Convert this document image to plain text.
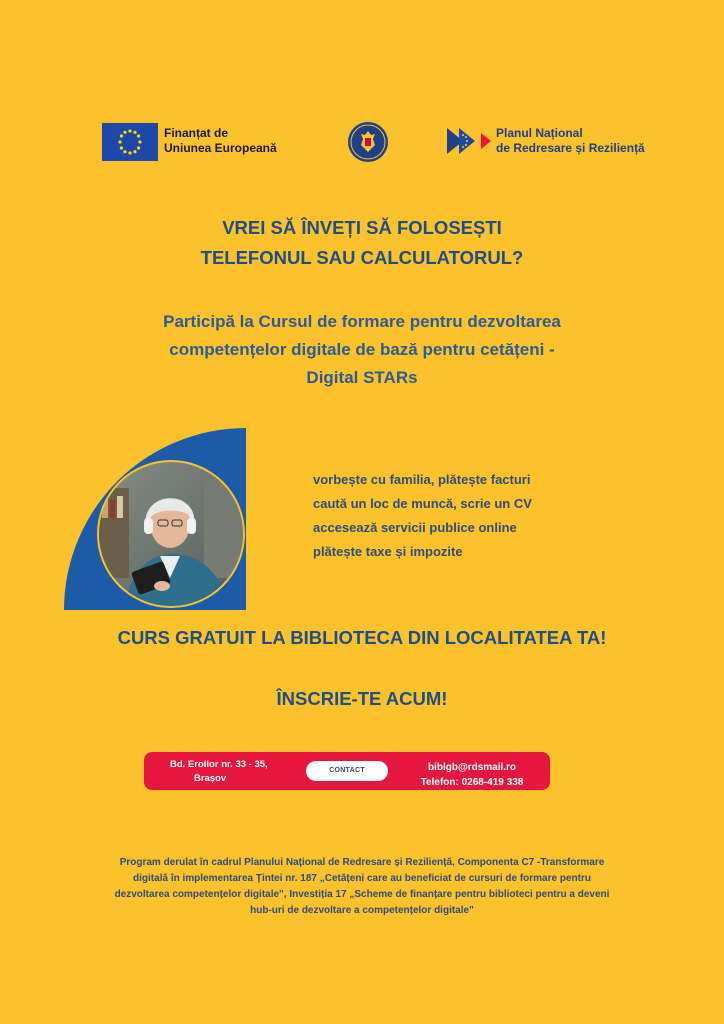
Finanțat de
Uniunea Europeană
Planul Național
de Redresare și Reziliență
VREI SĂ ÎNVEȚI SĂ FOLOSEȘTI
TELEFONUL SAU CALCULATORUL?
Participă la Cursul de formare pentru dezvoltarea
competențelor digitale de bază pentru cetățeni -
Digital STARs
vorbește cu familia, plătește facturi
caută un loc de muncă, scrie un CV
accesează servicii publice online
plătește taxe și impozite
CURS GRATUIT LA BIBLIOTECA DIN LOCALITATEA TA!
ÎNSCRIE-TE ACUM!
Bd. Eroilor nr. 33 - 35,
Brașov
CONTACT	biblgb@rdsmail.ro
Telefon: 0268-419 338
Program derulat în cadrul Planului Național de Redresare și Reziliență, Componenta C7 -Transformare
digitală în implementarea Țintei nr. 187 „Cetățeni care au beneficiat de cursuri de formare pentru
dezvoltarea competențelor digitale", Investiția 17 „Scheme de finanțare pentru biblioteci pentru a deveni
hub-uri de dezvoltare a competențelor digitale"
